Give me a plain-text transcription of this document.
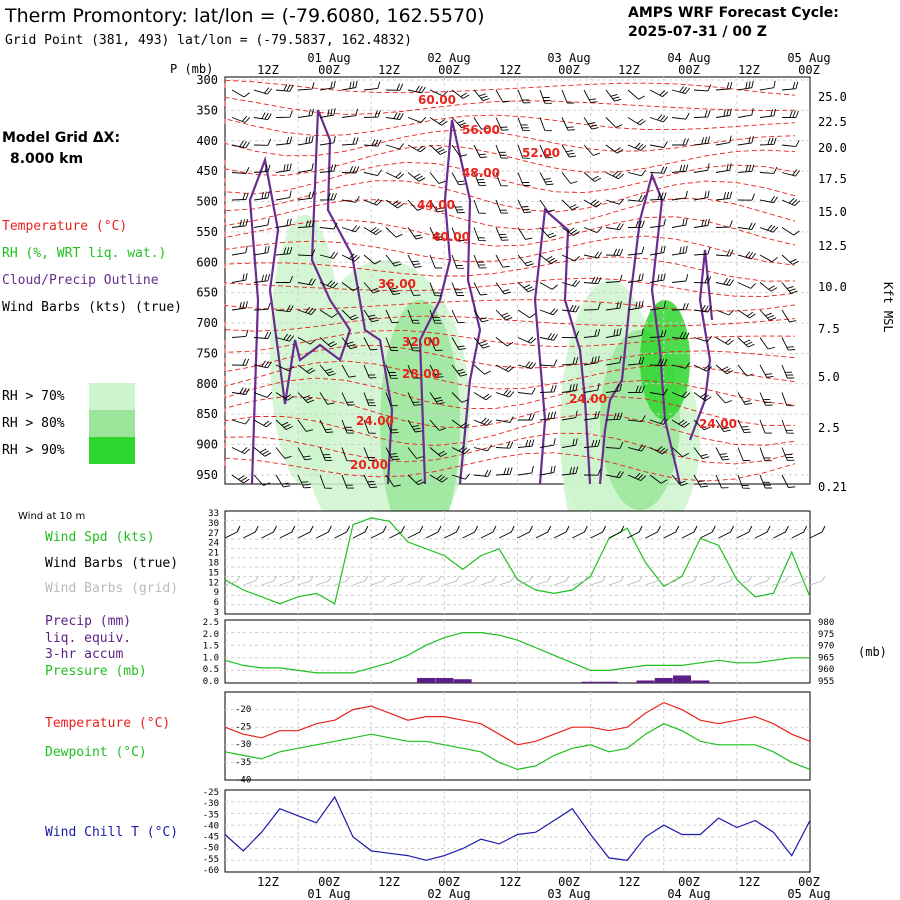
Therm Promontory: lat/lon = (-79.6080, 162.5570)
Grid Point (381, 493) lat/lon = (-79.5837, 162.4832)
AMPS WRF Forecast Cycle:
2025-07-31 / 00 Z
Model Grid ΔX:
8.000 km
Temperature (°C)
RH (%, WRT liq. wat.)
Cloud/Precip Outline
Wind Barbs (kts) (true)
RH > 70%
RH > 80%
RH > 90%
60.00
56.00
52.00
48.00
44.00
40.00
36.00
32.00
28.00
24.00
24.00	24.00
20.00
P (mb)
300
350
400
450
500
550
600
650
700
750
800
850
900
950
25.0
22.5
20.0
17.5
15.0
12.5
10.0
7.5
5.0
2.5
0.21
Kft MSL
12Z	00Z	12Z	00Z	12Z	00Z	12Z	00Z	12Z	00Z
01 Aug	02 Aug	03 Aug	04 Aug	05 Aug
Wind at 10 m
Wind Spd (kts)
Wind Barbs (true)
Wind Barbs (grid)
33
30
27
24
21
18
15
12
9
6
3
Precip (mm)
liq. equiv.
3-hr accum
Pressure (mb)
(mb)
2.5
2.0
1.5
1.0
0.5
0.0
980
975
970
965
960
955
Temperature (°C)
Dewpoint (°C)
-20
-25
-30
-35
-40
Wind Chill T (°C)
-25
-30
-35
-40
-45
-50
-55
-60
12Z	00Z	12Z	00Z	12Z	00Z	12Z	00Z	12Z	00Z
01 Aug	02 Aug	03 Aug	04 Aug	05 Aug
